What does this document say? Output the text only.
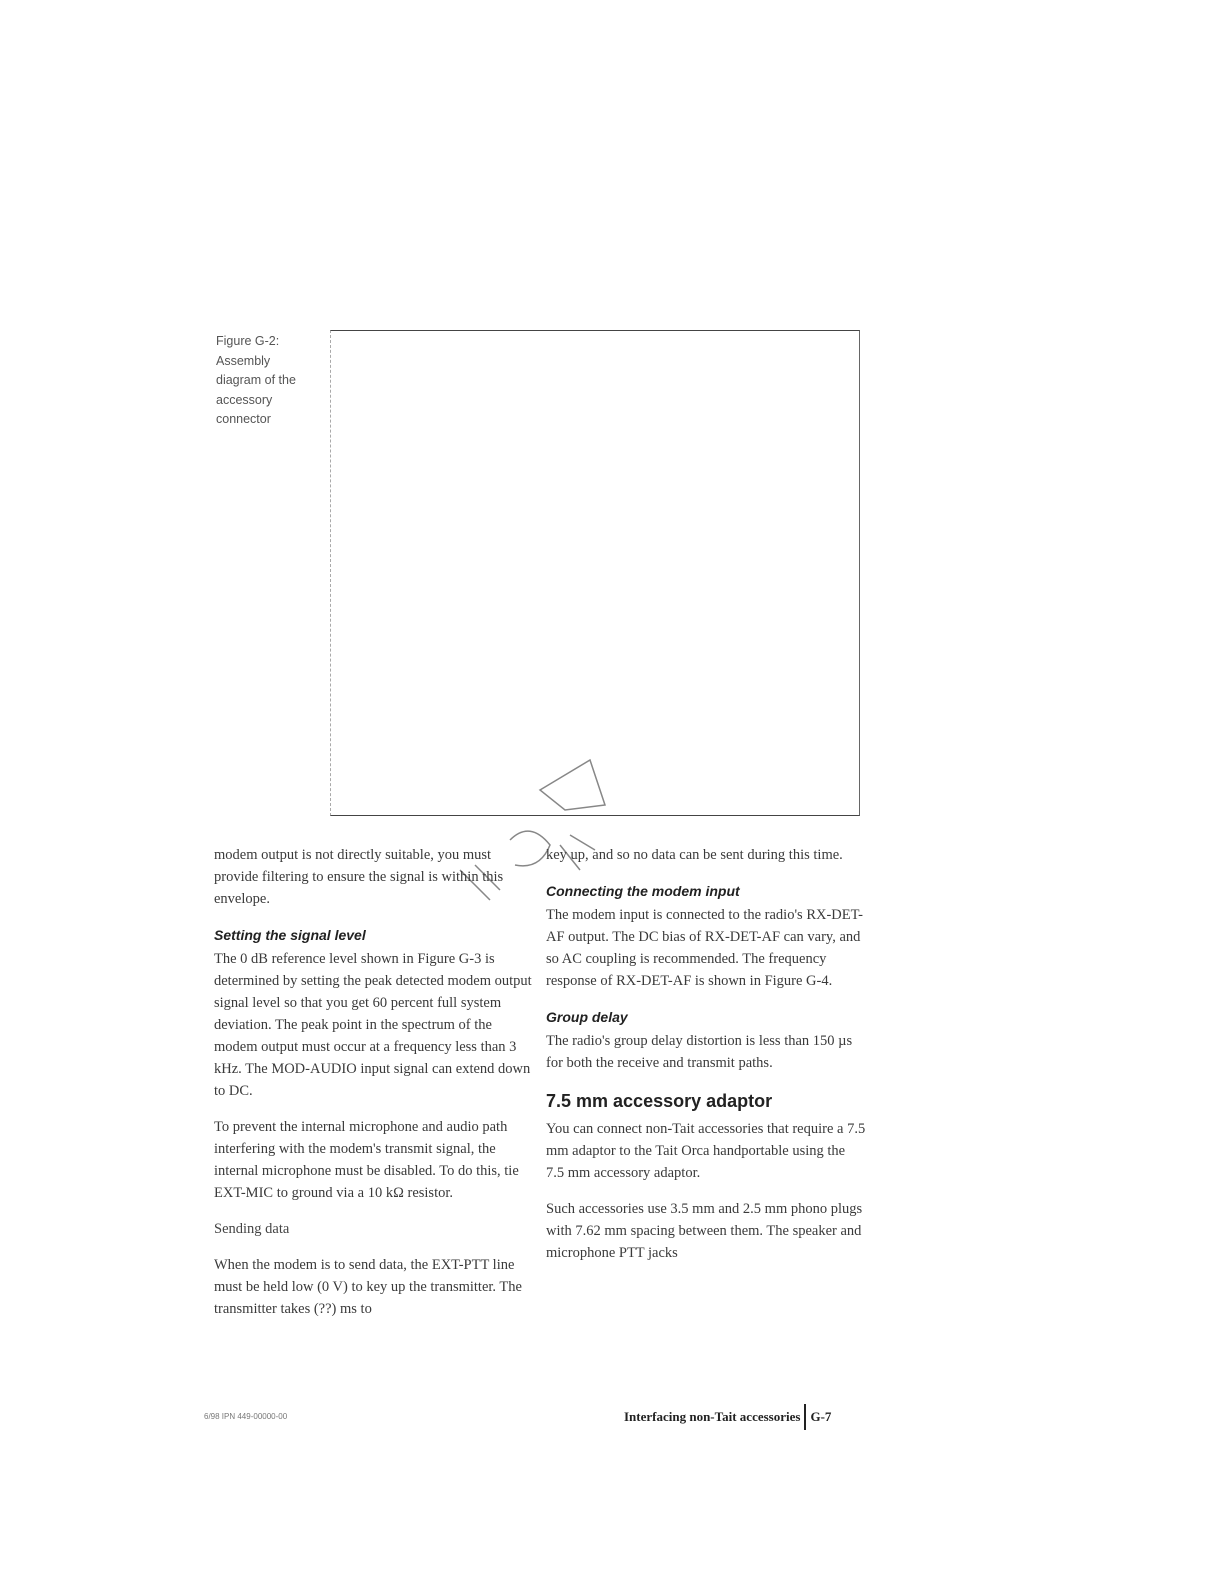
Figure G-2: Assembly diagram of the accessory connector

modem output is not directly suitable, you must provide filtering to ensure the signal is within this envelope.

Setting the signal level

The 0 dB reference level shown in Figure G-3 is determined by setting the peak detected modem output signal level so that you get 60 percent full system deviation. The peak point in the spectrum of the modem output must occur at a frequency less than 3 kHz. The MOD-AUDIO input signal can extend down to DC.

To prevent the internal microphone and audio path interfering with the modem's transmit signal, the internal microphone must be disabled. To do this, tie EXT-MIC to ground via a 10 kΩ resistor.

Sending data

When the modem is to send data, the EXT-PTT line must be held low (0 V) to key up the transmitter. The transmitter takes (??) ms to

key up, and so no data can be sent during this time.

Connecting the modem input

The modem input is connected to the radio's RX-DET-AF output. The DC bias of RX-DET-AF can vary, and so AC coupling is recommended. The frequency response of RX-DET-AF is shown in Figure G-4.

Group delay

The radio's group delay distortion is less than 150 µs for both the receive and transmit paths.

7.5 mm accessory adaptor

You can connect non-Tait accessories that require a 7.5 mm adaptor to the Tait Orca handportable using the 7.5 mm accessory adaptor.

Such accessories use 3.5 mm and 2.5 mm phono plugs with 7.62 mm spacing between them. The speaker and microphone PTT jacks

6/98 IPN 449-00000-00	Interfacing non-Tait accessories G-7
